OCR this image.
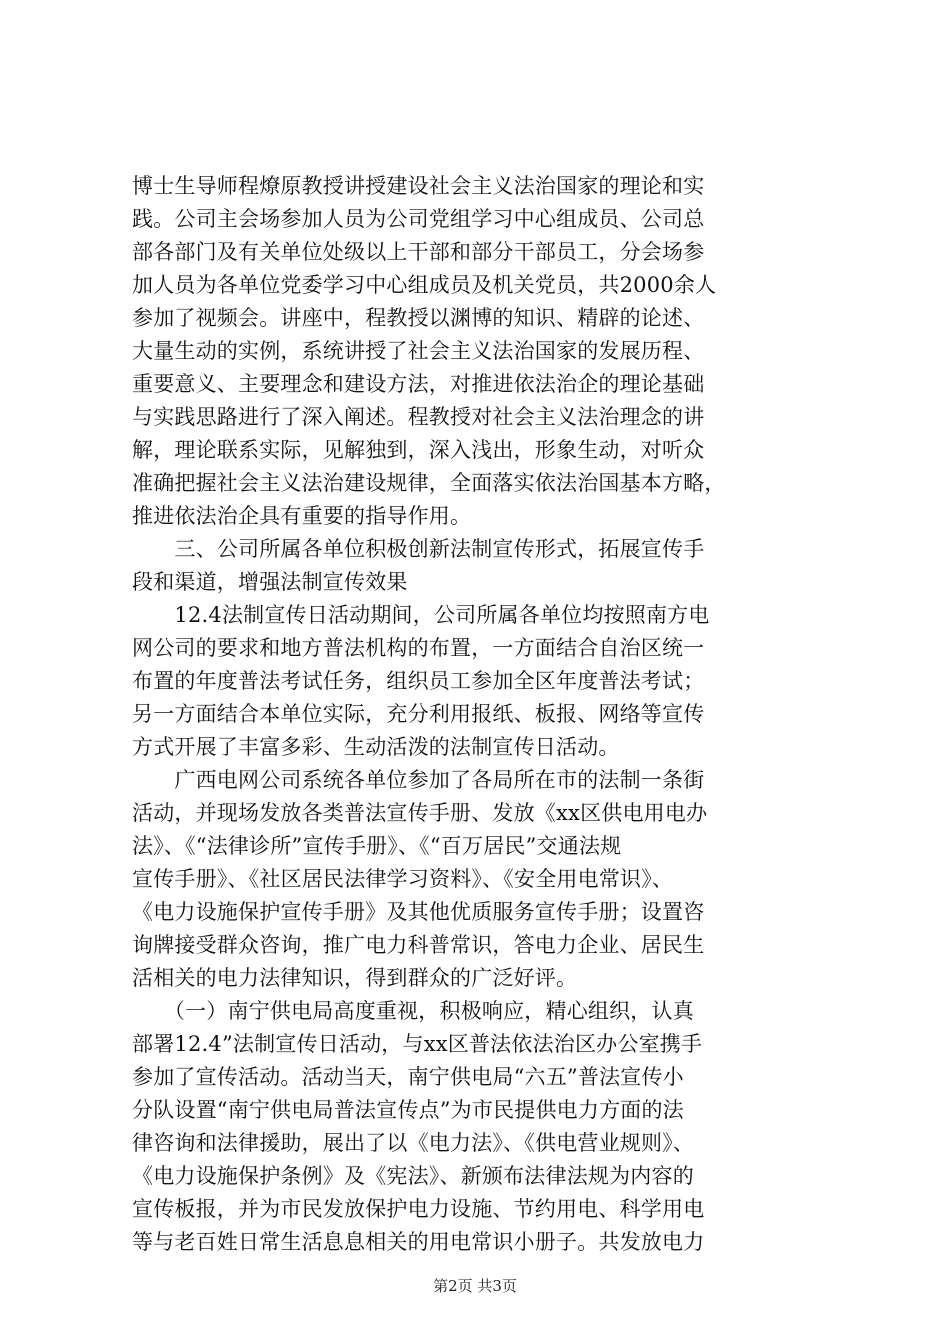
博士生导师程燎原教授讲授建设社会主义法治国家的理论和实
践。公司主会场参加人员为公司党组学习中心组成员、公司总
部各部门及有关单位处级以上干部和部分干部员工，分会场参
加人员为各单位党委学习中心组成员及机关党员，共2000余人
参加了视频会。讲座中，程教授以渊博的知识、精辟的论述、
大量生动的实例，系统讲授了社会主义法治国家的发展历程、
重要意义、主要理念和建设方法，对推进依法治企的理论基础
与实践思路进行了深入阐述。程教授对社会主义法治理念的讲
解，理论联系实际，见解独到，深入浅出，形象生动，对听众
准确把握社会主义法治建设规律，全面落实依法治国基本方略，
推进依法治企具有重要的指导作用。
　　三、公司所属各单位积极创新法制宣传形式，拓展宣传手
段和渠道，增强法制宣传效果
　　12.4法制宣传日活动期间，公司所属各单位均按照南方电
网公司的要求和地方普法机构的布置，一方面结合自治区统一
布置的年度普法考试任务，组织员工参加全区年度普法考试；
另一方面结合本单位实际，充分利用报纸、板报、网络等宣传
方式开展了丰富多彩、生动活泼的法制宣传日活动。
　　广西电网公司系统各单位参加了各局所在市的法制一条街
活动，并现场发放各类普法宣传手册、发放《xx区供电用电办
法》、《“法律诊所”宣传手册》、《“百万居民”交通法规
宣传手册》、《社区居民法律学习资料》、《安全用电常识》、
《电力设施保护宣传手册》及其他优质服务宣传手册；设置咨
询牌接受群众咨询，推广电力科普常识，答电力企业、居民生
活相关的电力法律知识，得到群众的广泛好评。
　　（一）南宁供电局高度重视，积极响应，精心组织，认真
部署12.4”法制宣传日活动，与xx区普法依法治区办公室携手
参加了宣传活动。活动当天，南宁供电局“六五”普法宣传小
分队设置“南宁供电局普法宣传点”为市民提供电力方面的法
律咨询和法律援助，展出了以《电力法》、《供电营业规则》、
《电力设施保护条例》及《宪法》、新颁布法律法规为内容的
宣传板报，并为市民发放保护电力设施、节约用电、科学用电
等与老百姓日常生活息息相关的用电常识小册子。共发放电力
第2页 共3页
